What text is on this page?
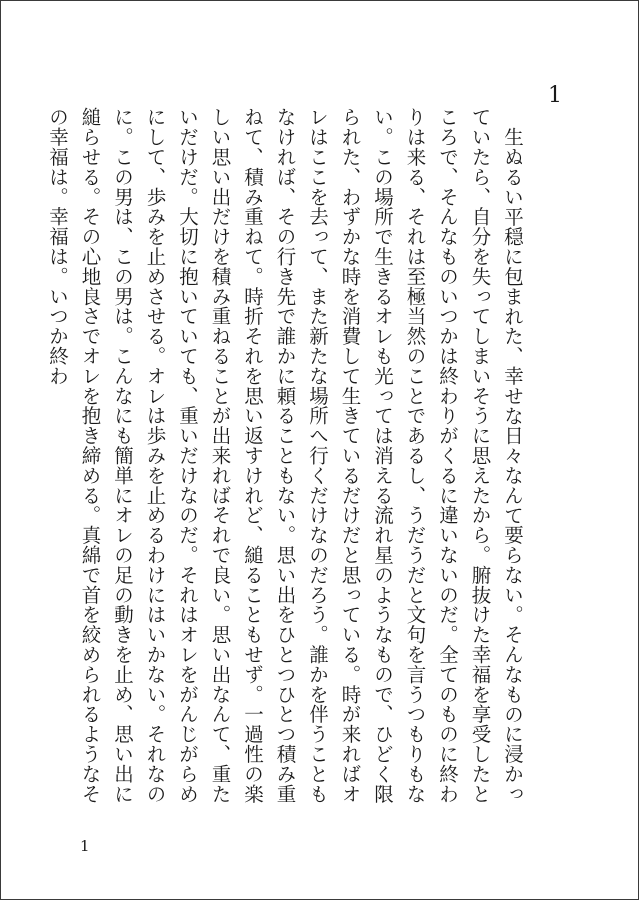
1

生ぬるい平穏に包まれた、幸せな日々なんて要らない。そんなものに浸かっていたら、自分を失ってしまいそうに思えたから。腑抜けた幸福を享受したところで、そんなものいつかは終わりがくるに違いないのだ。全てのものに終わりは来る、それは至極当然のことであるし、うだうだと文句を言うつもりもない。この場所で生きるオレも光っては消える流れ星のようなもので、ひどく限られた、わずかな時を消費して生きているだけだと思っている。時が来ればオレはここを去って、また新たな場所へ行くだけなのだろう。誰かを伴うこともなければ、その行き先で誰かに頼ることもない。思い出をひとつひとつ積み重ねて、積み重ねて。時折それを思い返すけれど、縋ることもせず。一過性の楽しい思い出だけを積み重ねることが出来ればそれで良い。思い出なんて、重たいだけだ。大切に抱いていても、重いだけなのだ。それはオレをがんじがらめにして、歩みを止めさせる。オレは歩みを止めるわけにはいかない。それなのに。この男は、この男は。こんなにも簡単にオレの足の動きを止め、思い出に縋らせる。その心地良さでオレを抱き締める。真綿で首を絞められるようなその幸福は。幸福は。いつか終わ

1
